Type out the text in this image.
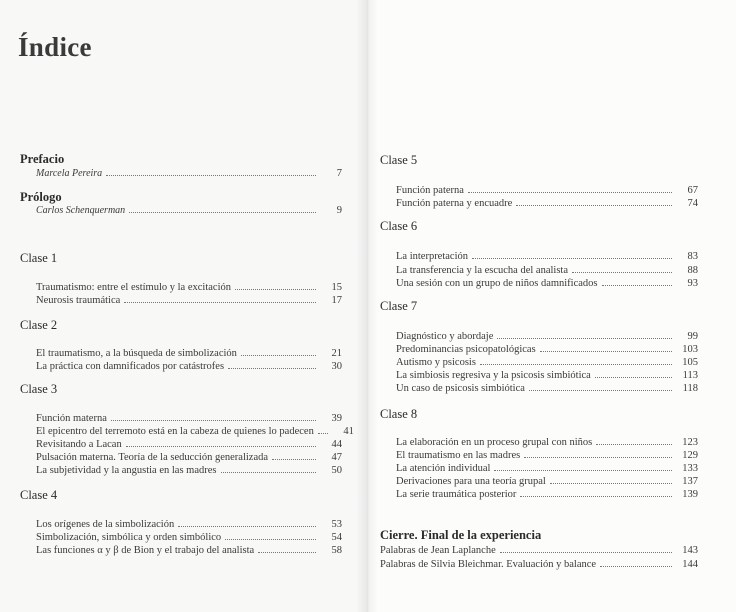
Índice
Prefacio
Marcela Pereira	7
Prólogo
Carlos Schenquerman	9
Clase 1
Traumatismo: entre el estímulo y la excitación	15
Neurosis traumática	17
Clase 2
El traumatismo, a la búsqueda de simbolización	21
La práctica con damnificados por catástrofes	30
Clase 3
Función materna	39
El epicentro del terremoto está en la cabeza de quienes lo padecen	41
Revisitando a Lacan	44
Pulsación materna. Teoría de la seducción generalizada	47
La subjetividad y la angustia en las madres	50
Clase 4
Los orígenes de la simbolización	53
Simbolización, simbólica y orden simbólico	54
Las funciones α y β de Bion y el trabajo del analista	58
Clase 5
Función paterna	67
Función paterna y encuadre	74
Clase 6
La interpretación	83
La transferencia y la escucha del analista	88
Una sesión con un grupo de niños damnificados	93
Clase 7
Diagnóstico y abordaje	99
Predominancias psicopatológicas	103
Autismo y psicosis	105
La simbiosis regresiva y la psicosis simbiótica	113
Un caso de psicosis simbiótica	118
Clase 8
La elaboración en un proceso grupal con niños	123
El traumatismo en las madres	129
La atención individual	133
Derivaciones para una teoría grupal	137
La serie traumática posterior	139
Cierre. Final de la experiencia
Palabras de Jean Laplanche	143
Palabras de Silvia Bleichmar. Evaluación y balance	144
